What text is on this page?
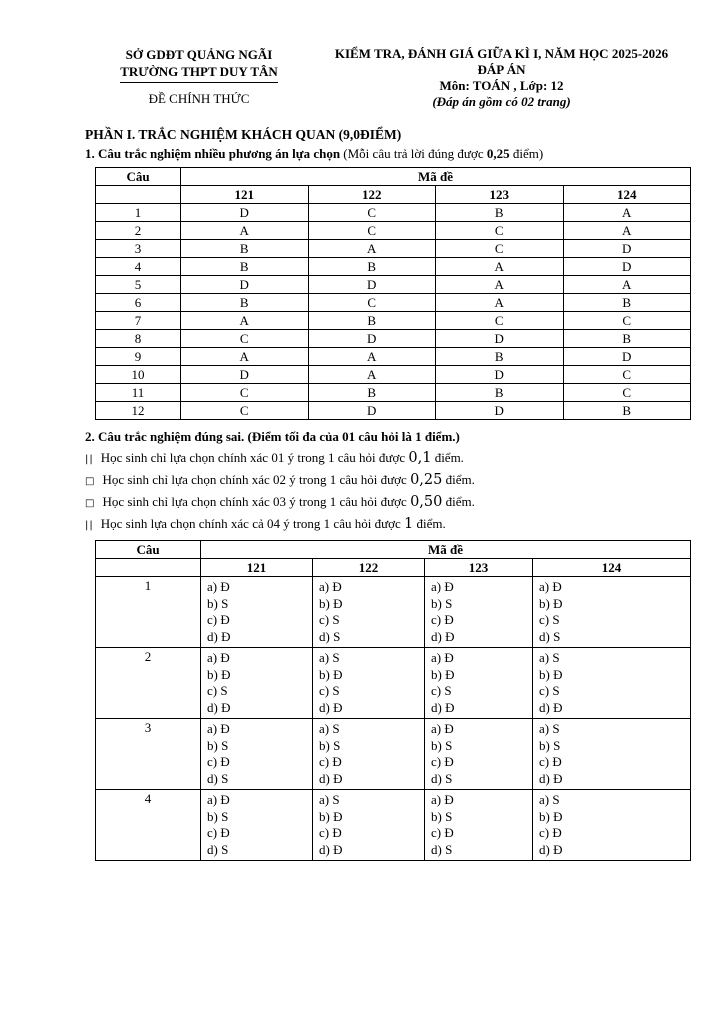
SỞ GDĐT QUẢNG NGÃI
TRƯỜNG THPT DUY TÂN
ĐỀ CHÍNH THỨC
KIỂM TRA, ĐÁNH GIÁ GIỮA KÌ I, NĂM HỌC 2025-2026
ĐÁP ÁN
Môn: TOÁN , Lớp: 12
(Đáp án gồm có 02 trang)
PHẦN I. TRẮC NGHIỆM KHÁCH QUAN (9,0ĐIỂM)
1. Câu trắc nghiệm nhiều phương án lựa chọn (Mỗi câu trả lời đúng được 0,25 điểm)
Câu	Mã đề			
	121	122	123	124
1	D	C	B	A
2	A	C	C	A
3	B	A	C	D
4	B	B	A	D
5	D	D	A	A
6	B	C	A	B
7	A	B	C	C
8	C	D	D	B
9	A	A	B	D
10	D	A	D	C
11	C	B	B	C
12	C	D	D	B
2. Câu trắc nghiệm đúng sai. (Điểm tối đa của 01 câu hỏi là 1 điểm.)
|| Học sinh chỉ lựa chọn chính xác 01 ý trong 1 câu hỏi được 0,1 điểm.
□ Học sinh chỉ lựa chọn chính xác 02 ý trong 1 câu hỏi được 0,25 điểm.
□ Học sinh chỉ lựa chọn chính xác 03 ý trong 1 câu hỏi được 0,50 điểm.
|| Học sinh lựa chọn chính xác cả 04 ý trong 1 câu hỏi được 1 điểm.
Câu	Mã đề			
	121	122	123	124
1	a) Đ
b) S
c) Đ
d) Đ

a) Đ
b) Đ
c) S
d) S

a) Đ
b) S
c) Đ
d) Đ

a) Đ
b) Đ
c) S
d) S

2	a) Đ
b) Đ
c) S
d) Đ

a) S
b) Đ
c) S
d) Đ

a) Đ
b) Đ
c) S
d) Đ

a) S
b) Đ
c) S
d) Đ

3	a) Đ
b) S
c) Đ
d) S

a) S
b) S
c) Đ
d) Đ

a) Đ
b) S
c) Đ
d) S

a) S
b) S
c) Đ
d) Đ

4	a) Đ
b) S
c) Đ
d) S

a) S
b) Đ
c) Đ
d) Đ

a) Đ
b) S
c) Đ
d) S

a) S
b) Đ
c) Đ
d) Đ
